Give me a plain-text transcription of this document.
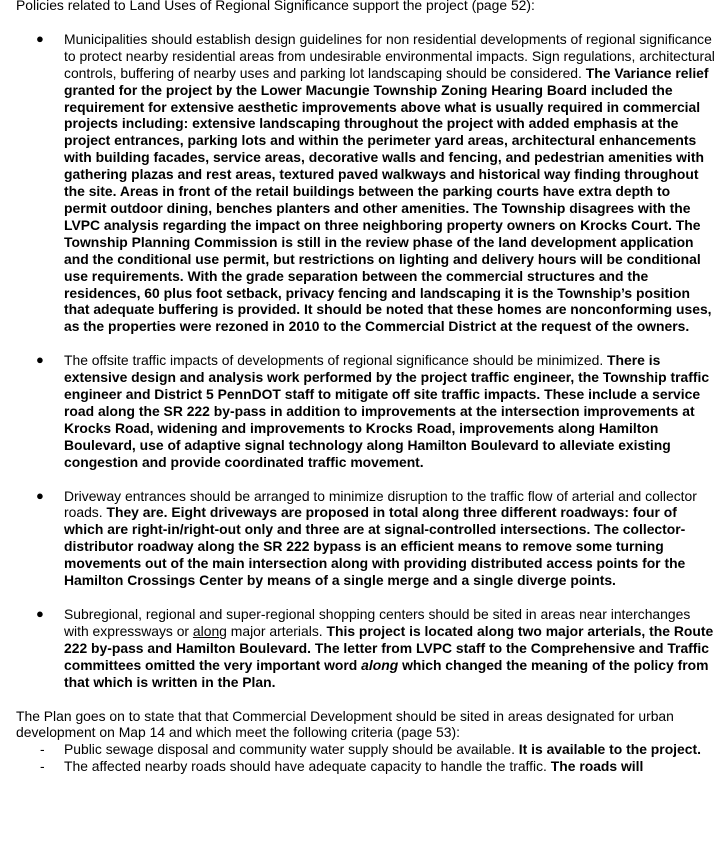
Policies related to Land Uses of Regional Significance support the project (page 52):

● Municipalities should establish design guidelines for non residential developments of regional significance to protect nearby residential areas from undesirable environmental impacts. Sign regulations, architectural controls, buffering of nearby uses and parking lot landscaping should be considered. The Variance relief granted for the project by the Lower Macungie Township Zoning Hearing Board included the requirement for extensive aesthetic improvements above what is usually required in commercial projects including: extensive landscaping throughout the project with added emphasis at the project entrances, parking lots and within the perimeter yard areas, architectural enhancements with building facades, service areas, decorative walls and fencing, and pedestrian amenities with gathering plazas and rest areas, textured paved walkways and historical way finding throughout the site. Areas in front of the retail buildings between the parking courts have extra depth to permit outdoor dining, benches planters and other amenities. The Township disagrees with the LVPC analysis regarding the impact on three neighboring property owners on Krocks Court. The Township Planning Commission is still in the review phase of the land development application and the conditional use permit, but restrictions on lighting and delivery hours will be conditional use requirements. With the grade separation between the commercial structures and the residences, 60 plus foot setback, privacy fencing and landscaping it is the Township’s position that adequate buffering is provided. It should be noted that these homes are nonconforming uses, as the properties were rezoned in 2010 to the Commercial District at the request of the owners.
● The offsite traffic impacts of developments of regional significance should be minimized. There is extensive design and analysis work performed by the project traffic engineer, the Township traffic engineer and District 5 PennDOT staff to mitigate off site traffic impacts. These include a service road along the SR 222 by-pass in addition to improvements at the intersection improvements at Krocks Road, widening and improvements to Krocks Road, improvements along Hamilton Boulevard, use of adaptive signal technology along Hamilton Boulevard to alleviate existing congestion and provide coordinated traffic movement.
● Driveway entrances should be arranged to minimize disruption to the traffic flow of arterial and collector roads. They are. Eight driveways are proposed in total along three different roadways: four of which are right-in/right-out only and three are at signal-controlled intersections. The collector-distributor roadway along the SR 222 bypass is an efficient means to remove some turning movements out of the main intersection along with providing distributed access points for the Hamilton Crossings Center by means of a single merge and a single diverge points.
● Subregional, regional and super-regional shopping centers should be sited in areas near interchanges with expressways or along major arterials. This project is located along two major arterials, the Route 222 by-pass and Hamilton Boulevard. The letter from LVPC staff to the Comprehensive and Traffic committees omitted the very important word along which changed the meaning of the policy from that which is written in the Plan.

The Plan goes on to state that that Commercial Development should be sited in areas designated for urban development on Map 14 and which meet the following criteria (page 53):

- Public sewage disposal and community water supply should be available. It is available to the project.
- The affected nearby roads should have adequate capacity to handle the traffic. The roads will
